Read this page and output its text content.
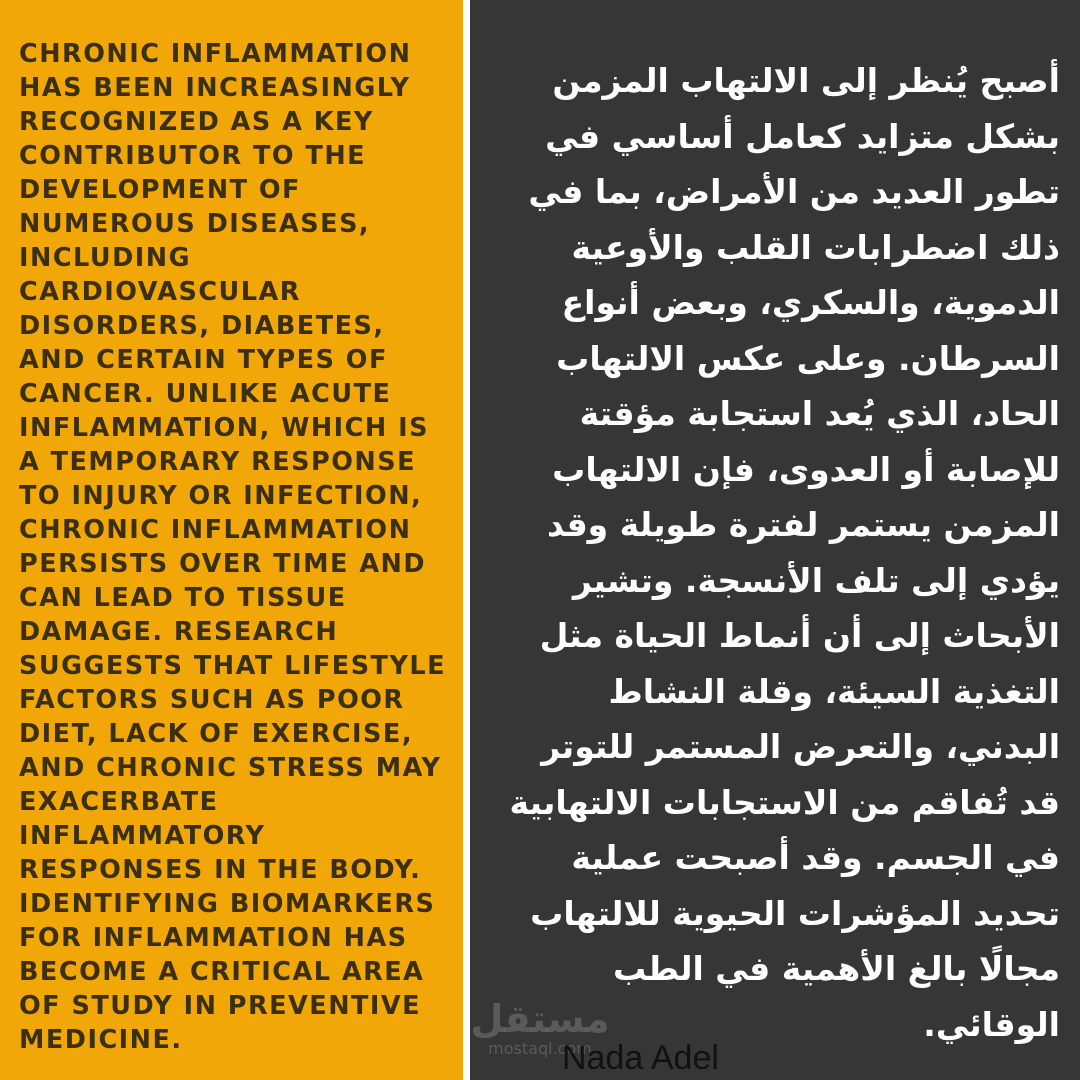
CHRONIC INFLAMMATION
HAS BEEN INCREASINGLY
RECOGNIZED AS A KEY
CONTRIBUTOR TO THE
DEVELOPMENT OF
NUMEROUS DISEASES,
INCLUDING
CARDIOVASCULAR
DISORDERS, DIABETES,
AND CERTAIN TYPES OF
CANCER. UNLIKE ACUTE
INFLAMMATION, WHICH IS
A TEMPORARY RESPONSE
TO INJURY OR INFECTION,
CHRONIC INFLAMMATION
PERSISTS OVER TIME AND
CAN LEAD TO TISSUE
DAMAGE. RESEARCH
SUGGESTS THAT LIFESTYLE
FACTORS SUCH AS POOR
DIET, LACK OF EXERCISE,
AND CHRONIC STRESS MAY
EXACERBATE
INFLAMMATORY
RESPONSES IN THE BODY.
IDENTIFYING BIOMARKERS
FOR INFLAMMATION HAS
BECOME A CRITICAL AREA
OF STUDY IN PREVENTIVE
MEDICINE.

أصبح يُنظر إلى الالتهاب المزمن
بشكل متزايد كعامل أساسي في
تطور العديد من الأمراض، بما في
ذلك اضطرابات القلب والأوعية
الدموية، والسكري، وبعض أنواع
السرطان. وعلى عكس الالتهاب
الحاد، الذي يُعد استجابة مؤقتة
للإصابة أو العدوى، فإن الالتهاب
المزمن يستمر لفترة طويلة وقد
يؤدي إلى تلف الأنسجة. وتشير
الأبحاث إلى أن أنماط الحياة مثل
التغذية السيئة، وقلة النشاط
البدني، والتعرض المستمر للتوتر
قد تُفاقم من الاستجابات الالتهابية
في الجسم. وقد أصبحت عملية
تحديد المؤشرات الحيوية للالتهاب
مجالًا بالغ الأهمية في الطب
الوقائي.

مستقل
mostaql.com
Nada Adel
